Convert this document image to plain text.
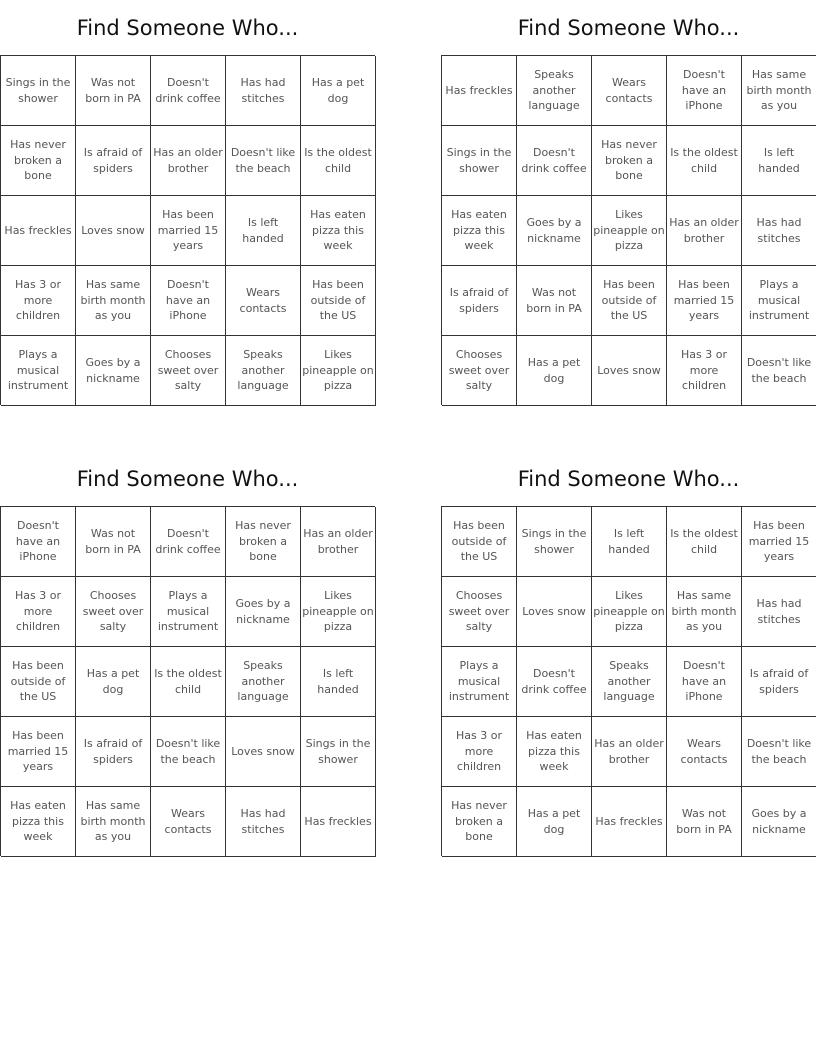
Find Someone Who...
Sings in the shower
Was not born in PA
Doesn't drink coffee
Has had stitches
Has a pet dog
Has never broken a bone
Is afraid of spiders
Has an older brother
Doesn't like the beach
Is the oldest child
Has freckles Loves snow
Has been married 15 years
Is left handed
Has eaten pizza this week
Has 3 or more children
Has same birth month as you
Doesn't have an iPhone
Wears contacts
Has been outside of the US
Plays a musical instrument
Goes by a nickname
Chooses sweet over salty
Speaks another language
Likes pineapple on pizza
Find Someone Who...
Has freckles
Speaks another language
Wears contacts
Doesn't have an iPhone
Has same birth month as you
Sings in the shower
Doesn't drink coffee
Has never broken a bone
Is the oldest child
Is left handed
Has eaten pizza this week
Goes by a nickname
Likes pineapple on pizza
Has an older brother
Has had stitches
Is afraid of spiders
Was not born in PA
Has been outside of the US
Has been married 15 years
Plays a musical instrument
Chooses sweet over salty
Has a pet dog
Loves snow
Has 3 or more children
Doesn't like the beach
Find Someone Who...
Doesn't have an iPhone
Was not born in PA
Doesn't drink coffee
Has never broken a bone
Has an older brother
Has 3 or more children
Chooses sweet over salty
Plays a musical instrument
Goes by a nickname
Likes pineapple on pizza
Has been outside of the US
Has a pet dog
Is the oldest child
Speaks another language
Is left handed
Has been married 15 years
Is afraid of spiders
Doesn't like the beach
Loves snow
Sings in the shower
Has eaten pizza this week
Has same birth month as you
Wears contacts
Has had stitches
Has freckles
Find Someone Who...
Has been outside of the US
Sings in the shower
Is left handed
Is the oldest child
Has been married 15 years
Chooses sweet over salty
Loves snow
Likes pineapple on pizza
Has same birth month as you
Has had stitches
Plays a musical instrument
Doesn't drink coffee
Speaks another language
Doesn't have an iPhone
Is afraid of spiders
Has 3 or more children
Has eaten pizza this week
Has an older brother
Wears contacts
Doesn't like the beach
Has never broken a bone
Has a pet dog
Has freckles
Was not born in PA
Goes by a nickname
